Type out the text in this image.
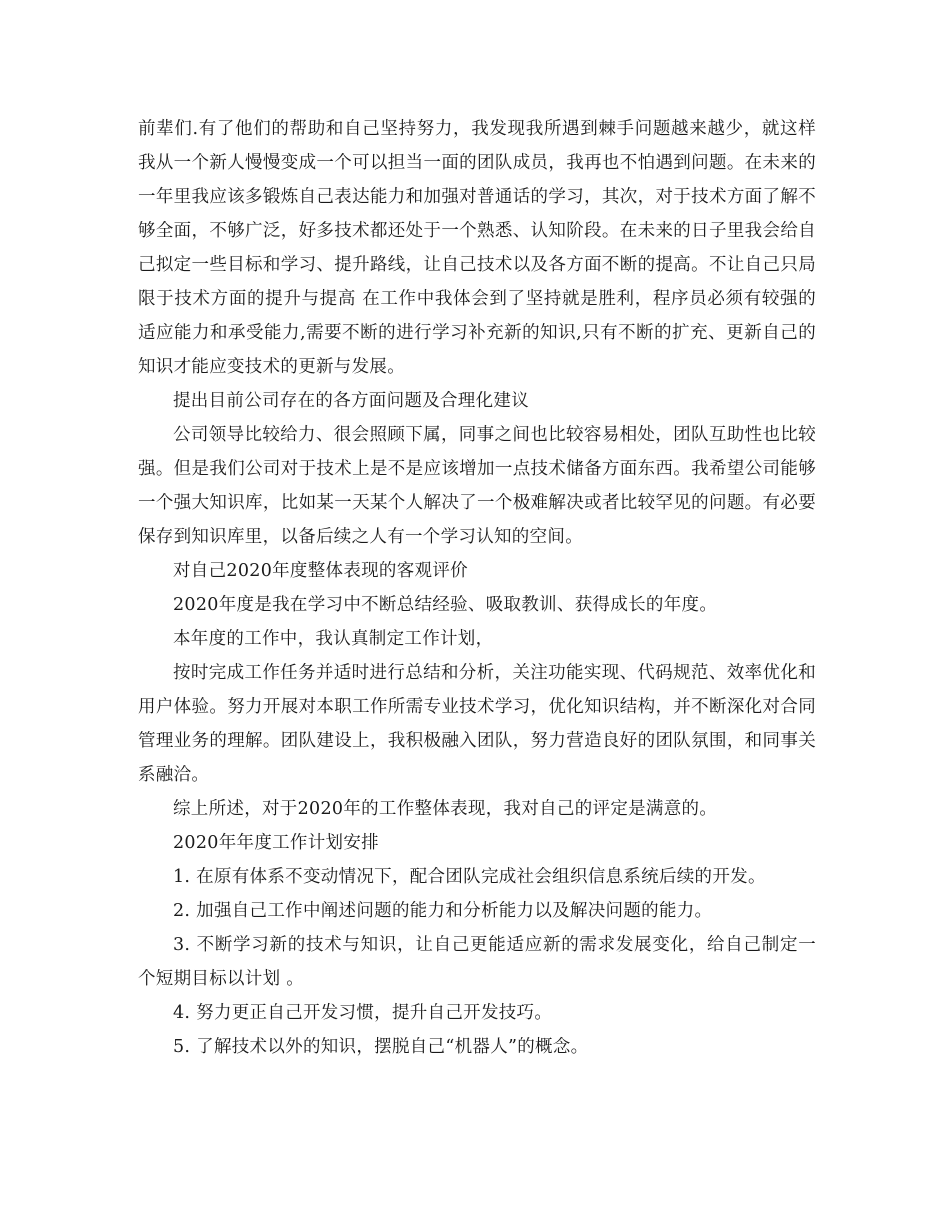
前辈们.有了他们的帮助和自己坚持努力，我发现我所遇到棘手问题越来越少，就这样我从一个新人慢慢变成一个可以担当一面的团队成员，我再也不怕遇到问题。在未来的一年里我应该多锻炼自己表达能力和加强对普通话的学习，其次，对于技术方面了解不够全面，不够广泛，好多技术都还处于一个熟悉、认知阶段。在未来的日子里我会给自己拟定一些目标和学习、提升路线，让自己技术以及各方面不断的提高。不让自己只局限于技术方面的提升与提高 在工作中我体会到了坚持就是胜利，程序员必须有较强的适应能力和承受能力,需要不断的进行学习补充新的知识,只有不断的扩充、更新自己的知识才能应变技术的更新与发展。

提出目前公司存在的各方面问题及合理化建议

公司领导比较给力、很会照顾下属，同事之间也比较容易相处，团队互助性也比较强。但是我们公司对于技术上是不是应该增加一点技术储备方面东西。我希望公司能够一个强大知识库，比如某一天某个人解决了一个极难解决或者比较罕见的问题。有必要保存到知识库里，以备后续之人有一个学习认知的空间。

对自己2020年度整体表现的客观评价

2020年度是我在学习中不断总结经验、吸取教训、获得成长的年度。

本年度的工作中，我认真制定工作计划，

按时完成工作任务并适时进行总结和分析，关注功能实现、代码规范、效率优化和用户体验。努力开展对本职工作所需专业技术学习，优化知识结构，并不断深化对合同管理业务的理解。团队建设上，我积极融入团队，努力营造良好的团队氛围，和同事关系融洽。

综上所述，对于2020年的工作整体表现，我对自己的评定是满意的。

2020年年度工作计划安排

1. 在原有体系不变动情况下，配合团队完成社会组织信息系统后续的开发。

2. 加强自己工作中阐述问题的能力和分析能力以及解决问题的能力。

3. 不断学习新的技术与知识，让自己更能适应新的需求发展变化，给自己制定一个短期目标以计划 。

4. 努力更正自己开发习惯，提升自己开发技巧。

5. 了解技术以外的知识，摆脱自己“机器人”的概念。
